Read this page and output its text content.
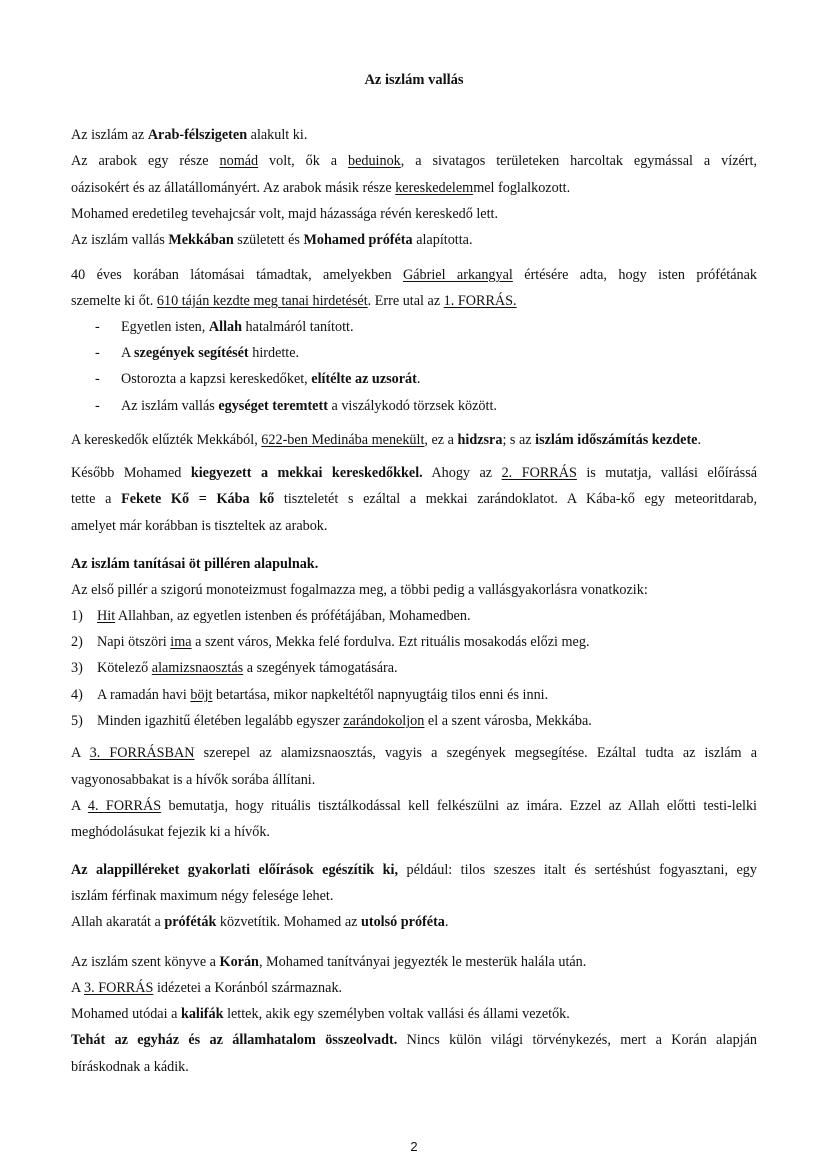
Az iszlám vallás
Az iszlám az Arab-félszigeten alakult ki.
Az arabok egy része nomád volt, ők a beduinok, a sivatagos területeken harcoltak egymással a vízért,
oázisokért és az állatállományért. Az arabok másik része kereskedelemmel foglalkozott.
Mohamed eredetileg tevehajcsár volt, majd házassága révén kereskedő lett.
Az iszlám vallás Mekkában született és Mohamed próféta alapította.
40 éves korában látomásai támadtak, amelyekben Gábriel arkangyal értésére adta, hogy isten prófétának
szemelte ki őt. 610 táján kezdte meg tanai hirdetését. Erre utal az 1. FORRÁS.
- Egyetlen isten, Allah hatalmáról tanított.
- A szegények segítését hirdette.
- Ostorozta a kapzsi kereskedőket, elítélte az uzsorát.
- Az iszlám vallás egységet teremtett a viszálykodó törzsek között.
A kereskedők elűzték Mekkából, 622-ben Medinába menekült, ez a hidzsra; s az iszlám időszámítás kezdete.
Később Mohamed kiegyezett a mekkai kereskedőkkel. Ahogy az 2. FORRÁS is mutatja, vallási előírássá
tette a Fekete Kő = Kába kő tiszteletét s ezáltal a mekkai zarándoklatot. A Kába-kő egy meteoritdarab,
amelyet már korábban is tiszteltek az arabok.
Az iszlám tanításai öt pilléren alapulnak.
Az első pillér a szigorú monoteizmust fogalmazza meg, a többi pedig a vallásgyakorlásra vonatkozik:
1) Hit Allahban, az egyetlen istenben és prófétájában, Mohamedben.
2) Napi ötszöri ima a szent város, Mekka felé fordulva. Ezt rituális mosakodás előzi meg.
3) Kötelező alamizsnaosztás a szegények támogatására.
4) A ramadán havi böjt betartása, mikor napkeltétől napnyugtáig tilos enni és inni.
5) Minden igazhitű életében legalább egyszer zarándokoljon el a szent városba, Mekkába.
A 3. FORRÁSBAN szerepel az alamizsnaosztás, vagyis a szegények megsegítése. Ezáltal tudta az iszlám a
vagyonosabbakat is a hívők sorába állítani.
A 4. FORRÁS bemutatja, hogy rituális tisztálkodással kell felkészülni az imára. Ezzel az Allah előtti testi-lelki
meghódolásukat fejezik ki a hívők.
Az alappilléreket gyakorlati előírások egészítik ki, például: tilos szeszes italt és sertéshúst fogyasztani, egy
iszlám férfinak maximum négy felesége lehet.
Allah akaratát a próféták közvetítik. Mohamed az utolsó próféta.
Az iszlám szent könyve a Korán, Mohamed tanítványai jegyezték le mesterük halála után.
A 3. FORRÁS idézetei a Koránból származnak.
Mohamed utódai a kalifák lettek, akik egy személyben voltak vallási és állami vezetők.
Tehát az egyház és az államhatalom összeolvadt. Nincs külön világi törvénykezés, mert a Korán alapján
bíráskodnak a kádik.
2
